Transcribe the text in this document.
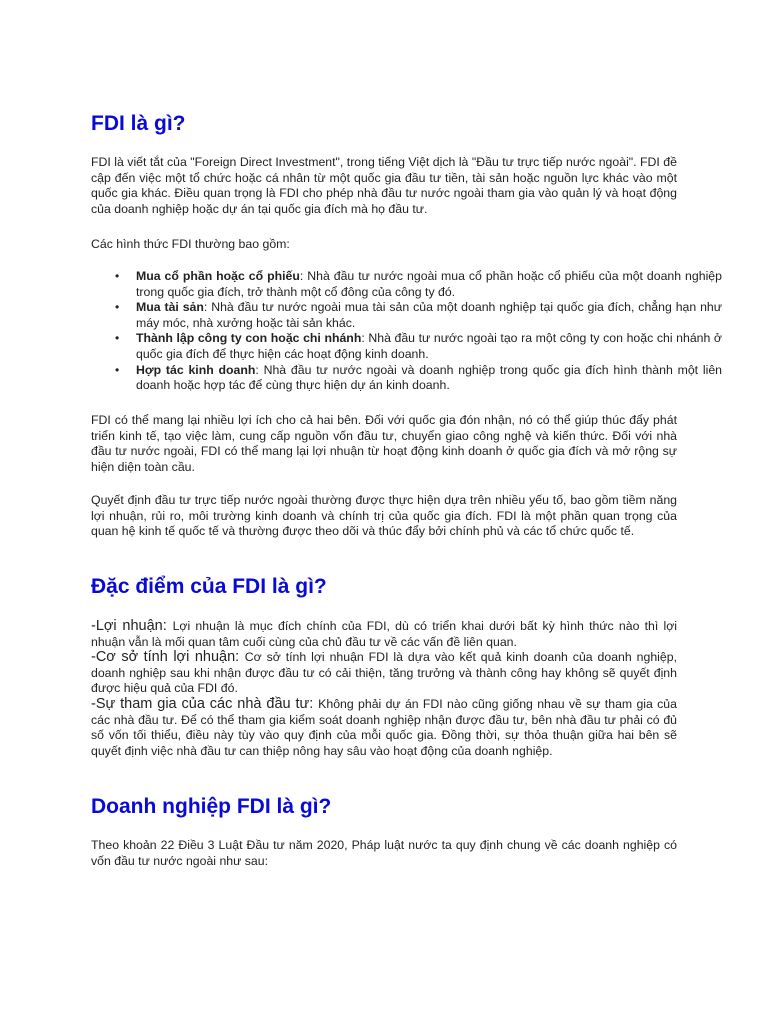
FDI là gì?

FDI là viết tắt của "Foreign Direct Investment", trong tiếng Việt dịch là "Đầu tư trực tiếp nước ngoài". FDI đề cập đến việc một tổ chức hoặc cá nhân từ một quốc gia đầu tư tiền, tài sản hoặc nguồn lực khác vào một quốc gia khác. Điều quan trọng là FDI cho phép nhà đầu tư nước ngoài tham gia vào quản lý và hoạt động của doanh nghiệp hoặc dự án tại quốc gia đích mà họ đầu tư.

Các hình thức FDI thường bao gồm:

• Mua cổ phần hoặc cổ phiếu: Nhà đầu tư nước ngoài mua cổ phần hoặc cổ phiếu của một doanh nghiệp trong quốc gia đích, trở thành một cổ đông của công ty đó.
• Mua tài sản: Nhà đầu tư nước ngoài mua tài sản của một doanh nghiệp tại quốc gia đích, chẳng hạn như máy móc, nhà xưởng hoặc tài sản khác.
• Thành lập công ty con hoặc chi nhánh: Nhà đầu tư nước ngoài tạo ra một công ty con hoặc chi nhánh ở quốc gia đích để thực hiện các hoạt động kinh doanh.
• Hợp tác kinh doanh: Nhà đầu tư nước ngoài và doanh nghiệp trong quốc gia đích hình thành một liên doanh hoặc hợp tác để cùng thực hiện dự án kinh doanh.

FDI có thể mang lại nhiều lợi ích cho cả hai bên. Đối với quốc gia đón nhận, nó có thể giúp thúc đẩy phát triển kinh tế, tạo việc làm, cung cấp nguồn vốn đầu tư, chuyển giao công nghệ và kiến thức. Đối với nhà đầu tư nước ngoài, FDI có thể mang lại lợi nhuận từ hoạt động kinh doanh ở quốc gia đích và mở rộng sự hiện diện toàn cầu.

Quyết định đầu tư trực tiếp nước ngoài thường được thực hiện dựa trên nhiều yếu tố, bao gồm tiềm năng lợi nhuận, rủi ro, môi trường kinh doanh và chính trị của quốc gia đích. FDI là một phần quan trọng của quan hệ kinh tế quốc tế và thường được theo dõi và thúc đẩy bởi chính phủ và các tổ chức quốc tế.

Đặc điểm của FDI là gì?

-Lợi nhuận: Lợi nhuận là mục đích chính của FDI, dù có triển khai dưới bất kỳ hình thức nào thì lợi nhuận vẫn là mối quan tâm cuối cùng của chủ đầu tư về các vấn đề liên quan.

-Cơ sở tính lợi nhuận: Cơ sở tính lợi nhuận FDI là dựa vào kết quả kinh doanh của doanh nghiệp, doanh nghiệp sau khi nhận được đầu tư có cải thiện, tăng trưởng và thành công hay không sẽ quyết định được hiệu quả của FDI đó.

-Sự tham gia của các nhà đầu tư: Không phải dự án FDI nào cũng giống nhau về sự tham gia của các nhà đầu tư. Để có thể tham gia kiểm soát doanh nghiệp nhận được đầu tư, bên nhà đầu tư phải có đủ số vốn tối thiểu, điều này tùy vào quy định của mỗi quốc gia. Đồng thời, sự thỏa thuận giữa hai bên sẽ quyết định việc nhà đầu tư can thiệp nông hay sâu vào hoạt động của doanh nghiệp.

Doanh nghiệp FDI là gì?

Theo khoản 22 Điều 3 Luật Đầu tư năm 2020, Pháp luật nước ta quy định chung về các doanh nghiệp có vốn đầu tư nước ngoài như sau:
